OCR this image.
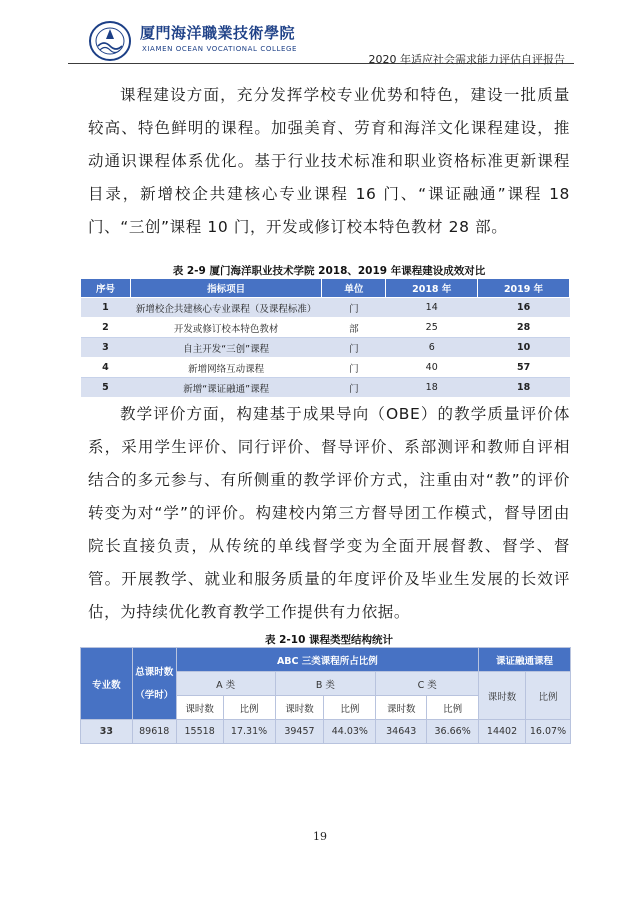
厦門海洋職業技術學院
XIAMEN OCEAN VOCATIONAL COLLEGE
2020 年适应社会需求能力评估自评报告

课程建设方面，充分发挥学校专业优势和特色，建设一批质量较高、特色鲜明的课程。加强美育、劳育和海洋文化课程建设，推动通识课程体系优化。基于行业技术标准和职业资格标准更新课程目录，新增校企共建核心专业课程 16 门、“课证融通”课程 18 门、“三创”课程 10 门，开发或修订校本特色教材 28 部。

表 2-9 厦门海洋职业技术学院 2018、2019 年课程建设成效对比
序号	指标项目	单位	2018 年	2019 年
1	新增校企共建核心专业课程（及课程标准）	门	14	16
2	开发或修订校本特色教材	部	25	28
3	自主开发“三创”课程	门	6	10
4	新增网络互动课程	门	40	57
5	新增“课证融通”课程	门	18	18

教学评价方面，构建基于成果导向（OBE）的教学质量评价体系，采用学生评价、同行评价、督导评价、系部测评和教师自评相结合的多元参与、有所侧重的教学评价方式，注重由对“教”的评价转变为对“学”的评价。构建校内第三方督导团工作模式，督导团由院长直接负责，从传统的单线督学变为全面开展督教、督学、督管。开展教学、就业和服务质量的年度评价及毕业生发展的长效评估，为持续优化教育教学工作提供有力依据。

表 2-10 课程类型结构统计
专业数	总课时数（学时）	ABC 三类课程所占比例						课证融通课程	
		A 类		B 类		C 类		课时数	比例
		课时数	比例	课时数	比例	课时数	比例		
33	89618	15518	17.31%	39457	44.03%	34643	36.66%	14402	16.07%
19
